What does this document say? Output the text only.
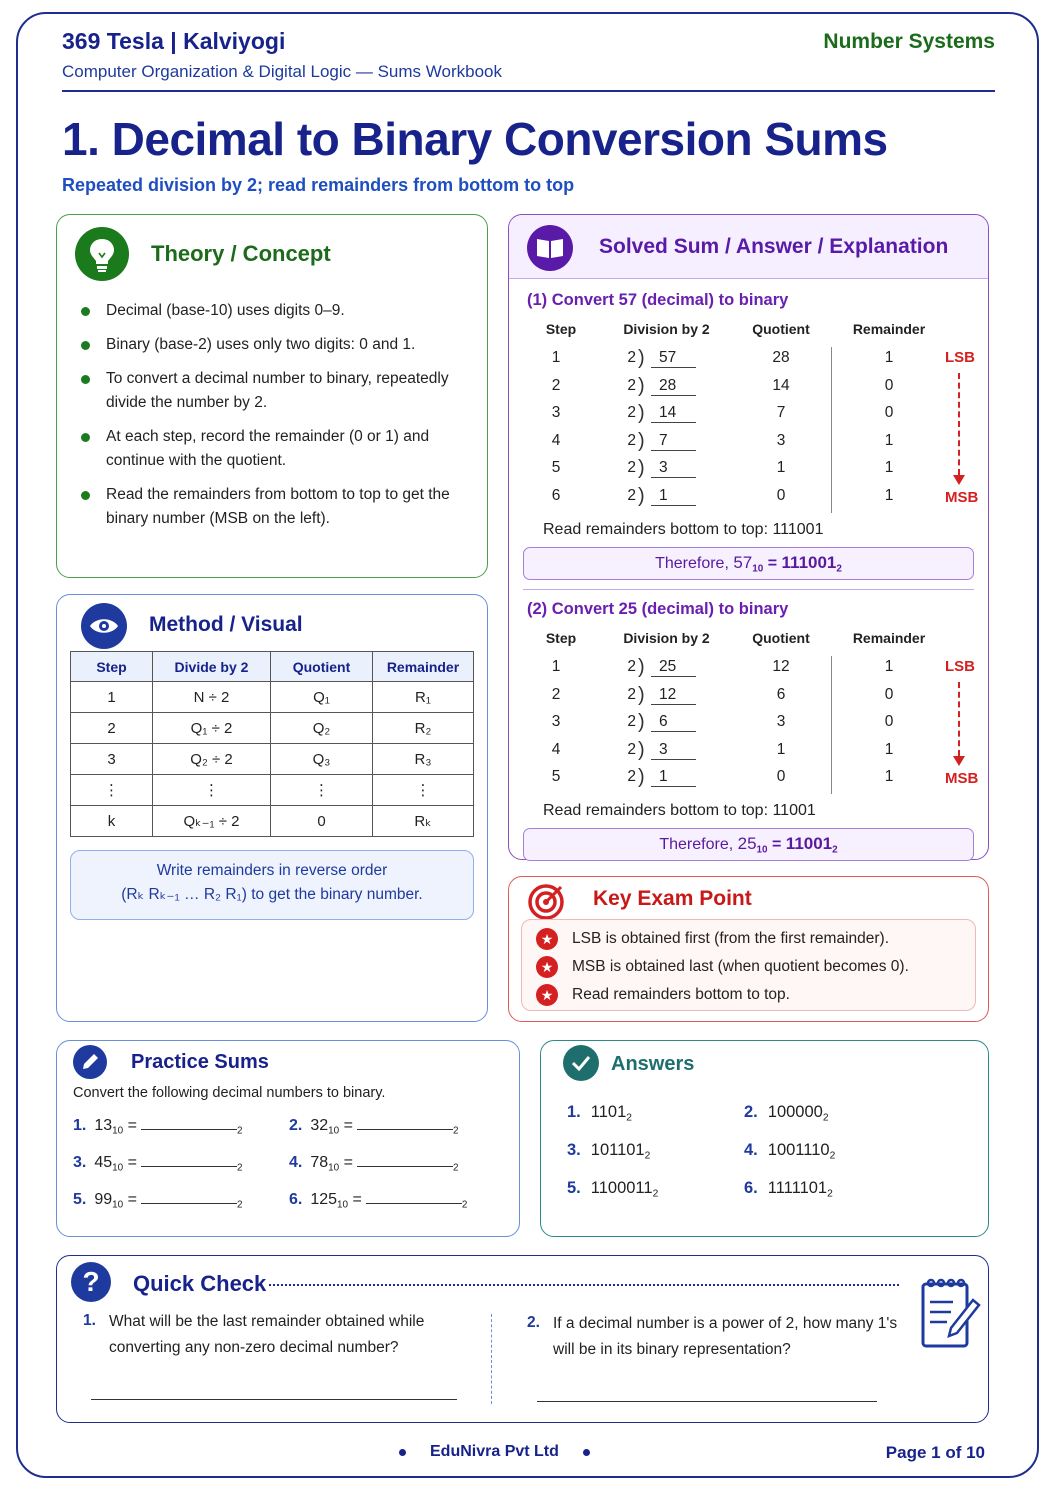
369 Tesla | Kalviyogi
Computer Organization & Digital Logic — Sums Workbook
Number Systems
1. Decimal to Binary Conversion Sums
Repeated division by 2; read remainders from bottom to top
Theory / Concept
Decimal (base-10) uses digits 0–9.
Binary (base-2) uses only two digits: 0 and 1.
To convert a decimal number to binary, repeatedly divide the number by 2.
At each step, record the remainder (0 or 1) and continue with the quotient.
Read the remainders from bottom to top to get the binary number (MSB on the left).
Method / Visual
Step	Divide by 2	Quotient	Remainder
1	N ÷ 2	Q₁	R₁
2	Q₁ ÷ 2	Q₂	R₂
3	Q₂ ÷ 2	Q₃	R₃
⋮	⋮	⋮	⋮
k	Qₖ₋₁ ÷ 2	0	Rₖ
Write remainders in reverse order
(Rₖ Rₖ₋₁ … R₂ R₁) to get the binary number.
Solved Sum / Answer / Explanation
(1) Convert 57 (decimal) to binary
Step	Division by 2	Quotient	Remainder
1	2 ) 57	28	1
2	2 ) 28	14	0
3	2 ) 14	7	0
4	2 ) 7	3	1
5	2 ) 3	1	1
6	2 ) 1	0	1
LSB
MSB
Read remainders bottom to top: 111001
Therefore, $57_{10} = 111001_2$
(2) Convert 25 (decimal) to binary
Step	Division by 2	Quotient	Remainder
1	2 ) 25	12	1
2	2 ) 12	6	0
3	2 ) 6	3	0
4	2 ) 3	1	1
5	2 ) 1	0	1
LSB
MSB
Read remainders bottom to top: 11001
Therefore, $25_{10} = 11001_2$
Key Exam Point
★	LSB is obtained first (from the first remainder).
★	MSB is obtained last (when quotient becomes 0).
★	Read remainders bottom to top.
Practice Sums
Convert the following decimal numbers to binary.
1. $13_{10}$ =	$_2$	2. $32_{10}$ =	$_2$
3. $45_{10}$ =	$_2$	4. $78_{10}$ =	$_2$
5. $99_{10}$ =	$_2$	6. $125_{10}$ =	$_2$
Answers
1. $1101_2$	2. $100000_2$
3. $101101_2$	4. $1001110_2$
5. $1100011_2$	6. $1111101_2$
?	Quick Check
1. What will be the last remainder obtained while
converting any non-zero decimal number?
2. If a decimal number is a power of 2, how many 1's
will be in its binary representation?
EduNivra Pvt Ltd	Page 1 of 10
